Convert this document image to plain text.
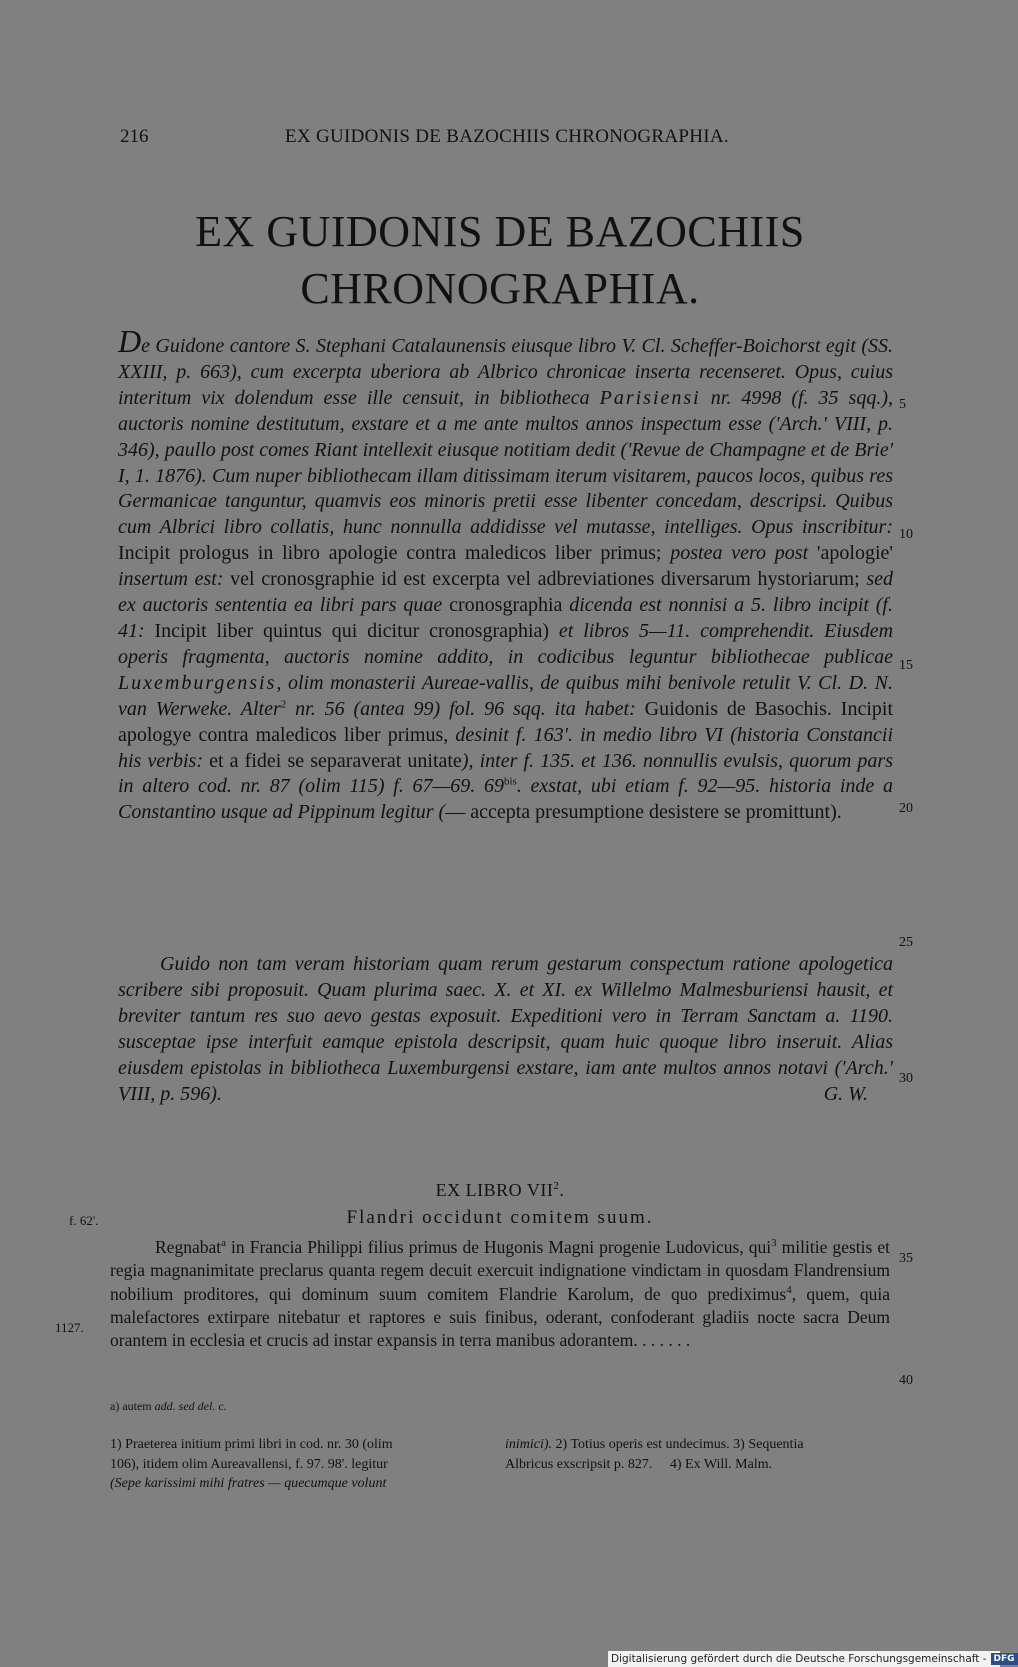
216	EX GUIDONIS DE BAZOCHIIS CHRONOGRAPHIA.
EX GUIDONIS DE BAZOCHIIS
CHRONOGRAPHIA.

De Guidone cantore S. Stephani Catalaunensis eiusque libro V. Cl. Scheffer-Boichorst egit (SS. XXIII, p. 663), cum excerpta uberiora ab Albrico chronicae inserta recenseret. Opus, cuius interitum vix dolendum esse ille censuit, in bibliotheca Parisiensi nr. 4998 (f. 35 sqq.), auctoris nomine destitutum, exstare et a me ante multos annos inspectum esse ('Arch.' VIII, p. 346), paullo post comes Riant intellexit eiusque notitiam dedit ('Revue de Champagne et de Brie' I, 1. 1876). Cum nuper bibliothecam illam ditissimam iterum visitarem, paucos locos, quibus res Germanicae tanguntur, quamvis eos minoris pretii esse libenter concedam, descripsi. Quibus cum Albrici libro collatis, hunc nonnulla addidisse vel mutasse, intelliges. Opus inscribitur: Incipit prologus in libro apologie contra maledicos liber primus; postea vero post 'apologie' insertum est: vel cronosgraphie id est excerpta vel adbreviationes diversarum hystoriarum; sed ex auctoris sententia ea libri pars quae cronosgraphia dicenda est nonnisi a 5. libro incipit (f. 41: Incipit liber quintus qui dicitur cronosgraphia) et libros 5—11. comprehendit. Eiusdem operis fragmenta, auctoris nomine addito, in codicibus leguntur bibliothecae publicae Luxemburgensis, olim monasterii Aureae-vallis, de quibus mihi benivole retulit V. Cl. D. N. van Werweke. Alter$^2$ nr. 56 (antea 99) fol. 96 sqq. ita habet: Guidonis de Basochis. Incipit apologye contra maledicos liber primus, desinit f. 163'. in medio libro VI (historia Constancii his verbis: et a fidei se separaverat unitate), inter f. 135. et 136. nonnullis evulsis, quorum pars in altero cod. nr. 87 (olim 115) f. 67—69. $69^{bis}$. exstat, ubi etiam f. 92—95. historia inde a Constantino usque ad Pippinum legitur (— accepta presumptione desistere se promittunt).

Guido non tam veram historiam quam rerum gestarum conspectum ratione apologetica scribere sibi proposuit. Quam plurima saec. X. et XI. ex Willelmo Malmesburiensi hausit, et breviter tantum res suo aevo gestas exposuit. Expeditioni vero in Terram Sanctam a. 1190. susceptae ipse interfuit eamque epistola descripsit, quam huic quoque libro inseruit. Alias eiusdem epistolas in bibliotheca Luxemburgensi exstare, iam ante multos annos notavi ('Arch.' VIII, p. 596).	G. W.

5
10
15
20
25
30
35
40
EX LIBRO VII$^2$.
f. 62'.
1127.
Flandri occidunt comitem suum.

Regnabat$^a$ in Francia Philippi filius primus de Hugonis Magni progenie Ludovicus, qui$^3$ militie gestis et regia magnanimitate preclarus quanta regem decuit exercuit indignatione vindictam in quosdam Flandrensium nobilium proditores, qui dominum suum comitem Flandrie Karolum, de quo prediximus$^4$, quem, quia malefactores extirpare nitebatur et raptores e suis finibus, oderant, confoderant gladiis nocte sacra Deum orantem in ecclesia et crucis ad instar expansis in terra manibus adorantem. . . . . . .

a) autem add. sed del. c.
1) Praeterea initium primi libri in cod. nr. 30 (olim
106), itidem olim Aureavallensi, f. 97. 98'. legitur
(Sepe karissimi mihi fratres — quecumque volunt
inimici). 2) Totius operis est undecimus. 3) Sequentia
Albricus exscripsit p. 827.     4) Ex Will. Malm.
Digitalisierung gefördert durch die Deutsche Forschungsgemeinschaft - DFG
